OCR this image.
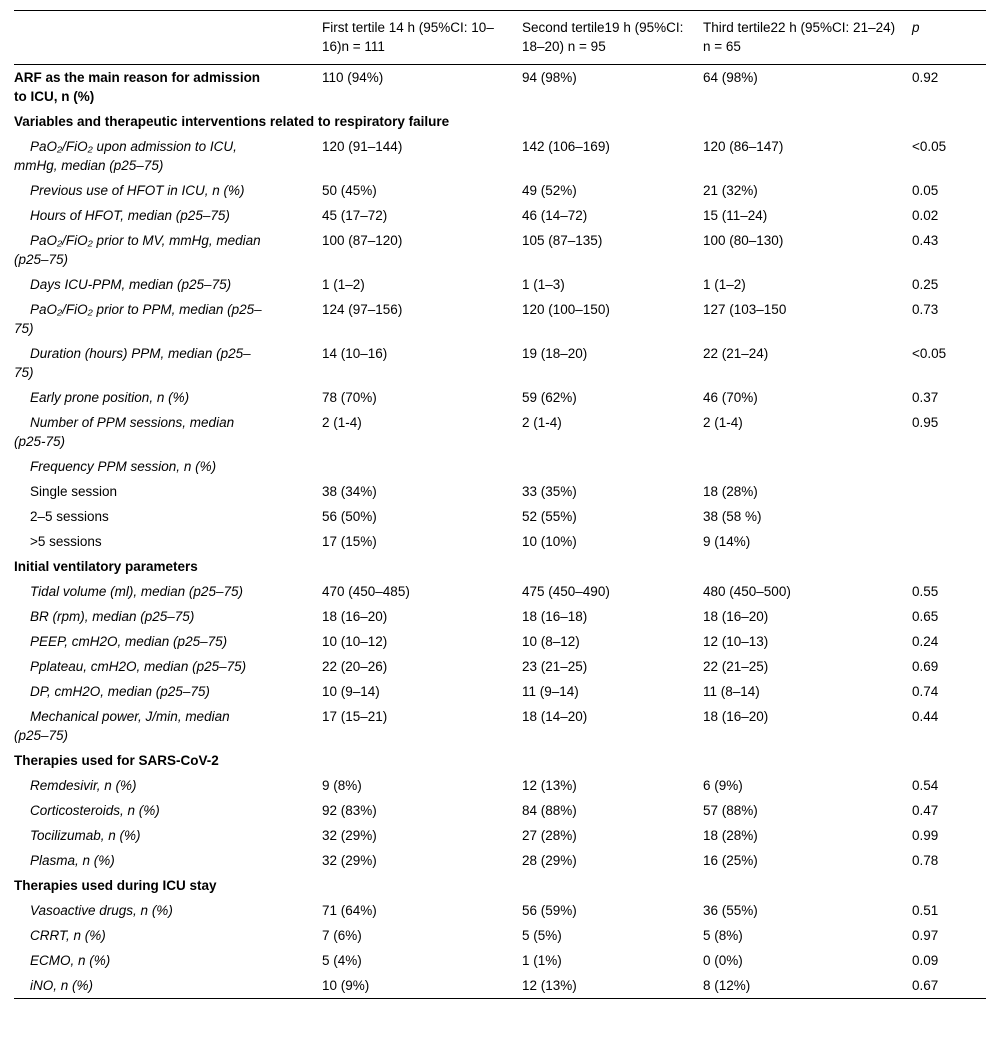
	First tertile 14 h (95%CI: 10–16)n = 111	Second tertile19 h (95%CI: 18–20) n = 95	Third tertile22 h (95%CI: 21–24) n = 65	p
ARF as the main reason for admission to ICU, n (%)	110 (94%)	94 (98%)	64 (98%)	0.92
Variables and therapeutic interventions related to respiratory failure				
PaO₂/FiO₂ upon admission to ICU, mmHg, median (p25–75)	120 (91–144)	142 (106–169)	120 (86–147)	<0.05
Previous use of HFOT in ICU, n (%)	50 (45%)	49 (52%)	21 (32%)	0.05
Hours of HFOT, median (p25–75)	45 (17–72)	46 (14–72)	15 (11–24)	0.02
PaO₂/FiO₂ prior to MV, mmHg, median (p25–75)	100 (87–120)	105 (87–135)	100 (80–130)	0.43
Days ICU-PPM, median (p25–75)	1 (1–2)	1 (1–3)	1 (1–2)	0.25
PaO₂/FiO₂ prior to PPM, median (p25–75)	124 (97–156)	120 (100–150)	127 (103–150	0.73
Duration (hours) PPM, median (p25–75)	14 (10–16)	19 (18–20)	22 (21–24)	<0.05
Early prone position, n (%)	78 (70%)	59 (62%)	46 (70%)	0.37
Number of PPM sessions, median (p25-75)	2 (1-4)	2 (1-4)	2 (1-4)	0.95
Frequency PPM session, n (%)				
Single session	38 (34%)	33 (35%)	18 (28%)	
2–5 sessions	56 (50%)	52 (55%)	38 (58 %)	
>5 sessions	17 (15%)	10 (10%)	9 (14%)	
Initial ventilatory parameters				
Tidal volume (ml), median (p25–75)	470 (450–485)	475 (450–490)	480 (450–500)	0.55
BR (rpm), median (p25–75)	18 (16–20)	18 (16–18)	18 (16–20)	0.65
PEEP, cmH2O, median (p25–75)	10 (10–12)	10 (8–12)	12 (10–13)	0.24
Pplateau, cmH2O, median (p25–75)	22 (20–26)	23 (21–25)	22 (21–25)	0.69
DP, cmH2O, median (p25–75)	10 (9–14)	11 (9–14)	11 (8–14)	0.74
Mechanical power, J/min, median (p25–75)	17 (15–21)	18 (14–20)	18 (16–20)	0.44
Therapies used for SARS-CoV-2				
Remdesivir, n (%)	9 (8%)	12 (13%)	6 (9%)	0.54
Corticosteroids, n (%)	92 (83%)	84 (88%)	57 (88%)	0.47
Tocilizumab, n (%)	32 (29%)	27 (28%)	18 (28%)	0.99
Plasma, n (%)	32 (29%)	28 (29%)	16 (25%)	0.78
Therapies used during ICU stay				
Vasoactive drugs, n (%)	71 (64%)	56 (59%)	36 (55%)	0.51
CRRT, n (%)	7 (6%)	5 (5%)	5 (8%)	0.97
ECMO, n (%)	5 (4%)	1 (1%)	0 (0%)	0.09
iNO, n (%)	10 (9%)	12 (13%)	8 (12%)	0.67
